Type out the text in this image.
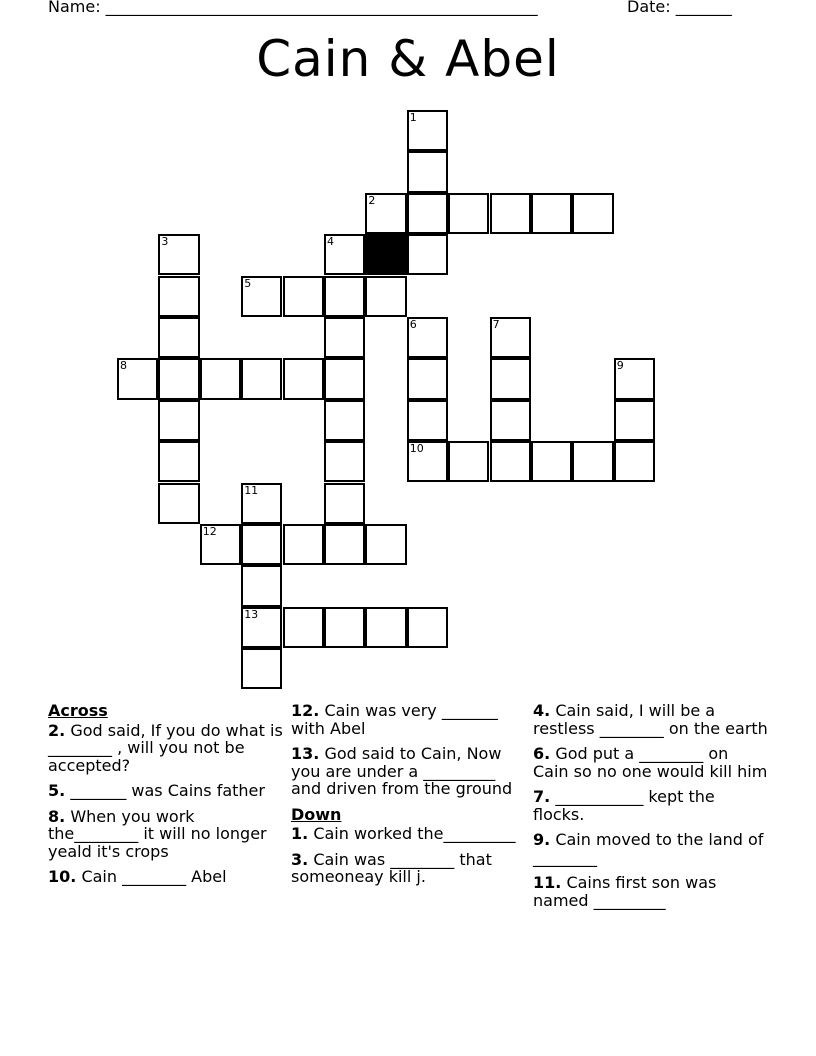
Name: ______________________________________________________	Date: _______
Cain & Abel
1
2
3	4
5
6	7
8	9
10
11
12
13
Across
2. God said, If you do what is ________ , will you not be accepted?
5. _______ was Cains father
8. When you work the________ it will no longer yeald it's crops
10. Cain ________ Abel
12. Cain was very _______ with Abel
13. God said to Cain, Now you are under a _________ and driven from the ground
Down
1. Cain worked the_________
3. Cain was ________ that someoneay kill j.
4. Cain said, I will be a restless ________ on the earth
6. God put a ________ on Cain so no one would kill him
7. ___________ kept the flocks.
9. Cain moved to the land of ________
11. Cains first son was named _________
